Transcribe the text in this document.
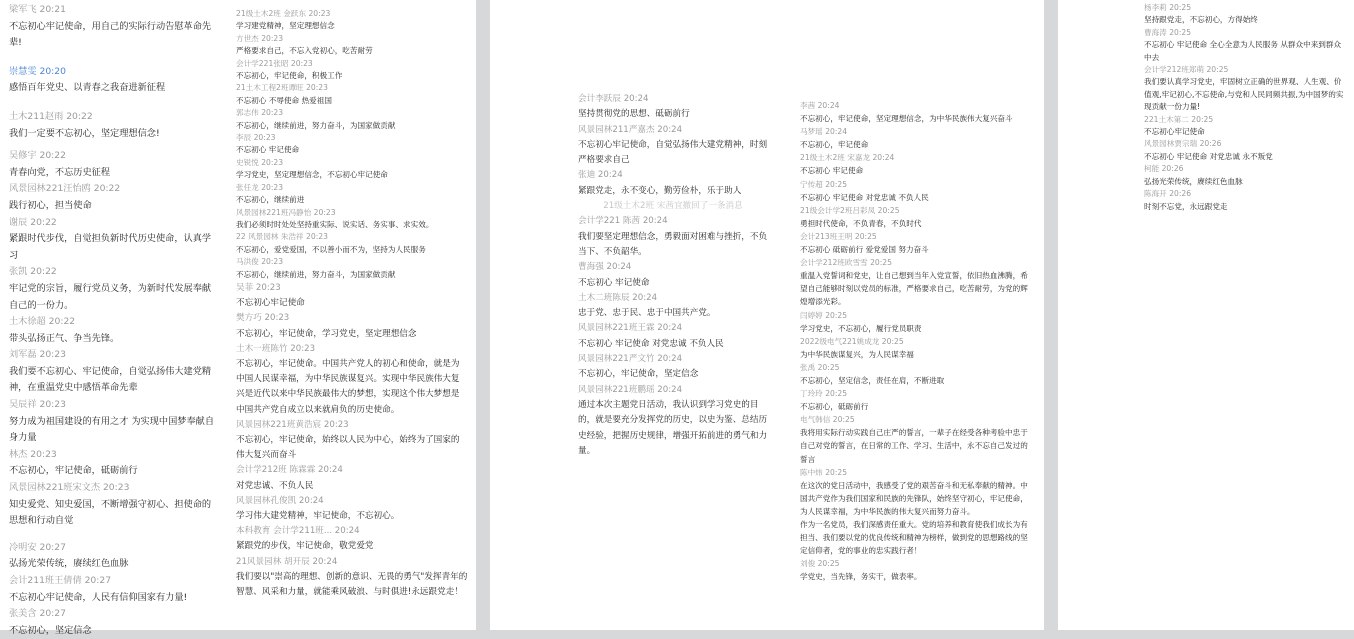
梁军飞 20:21
不忘初心牢记使命，用自己的实际行动告慰革命先辈!
崇慧雯 20:20
感悟百年党史、以青春之我奋进新征程
土木211赵雨 20:22
我们一定要不忘初心，坚定理想信念!
吴修宇 20:22
青春向党，不忘历史征程
风景园林221汪怡鸥 20:22
践行初心，担当使命
谢辰 20:22
紧跟时代步伐，自觉担负新时代历史使命，认真学习
张凯 20:22
牢记党的宗旨，履行党员义务，为新时代发展奉献自己的一份力。
土木徐超 20:22
带头弘扬正气、争当先锋。
刘军磊 20:23
我们要不忘初心、牢记使命，自觉弘扬伟大建党精神，在重温党史中感悟革命先辈
吴辰祥 20:23
努力成为祖国建设的有用之才 为实现中国梦奉献自身力量
林杰 20:23
不忘初心，牢记使命，砥砺前行
风景园林221班宋文杰 20:23
知史爱党、知史爱国，不断增强守初心、担使命的思想和行动自觉
冷明安 20:27
弘扬光荣传统，赓续红色血脉
会计211班王倩倩 20:27
不忘初心牢记使命，人民有信仰国家有力量!
张美含 20:27
不忘初心，坚定信念
21级土木2班 金跃东 20:23
学习建党精神，坚定理想信念
方世杰 20:23
严格要求自己，不忘入党初心，吃苦耐劳
会计学221张昭 20:23
不忘初心，牢记使命，积极工作
21土木工程2班谭旺 20:23
不忘初心 不辱使命 热爱祖国
郭志伟 20:23
不忘初心，继续前进，努力奋斗，为国家做贡献
李辰 20:23
不忘初心 牢记使命
史锐悦 20:23
学习党史，坚定理想信念，不忘初心牢记使命
张任龙 20:23
不忘初心，继续前进
风景园林221班冯静怡 20:23
我们必须时时处处坚持重实际、说实话、务实事、求实效。
22 风景园林 朱浩祥 20:23
不忘初心，爱党爱国，不以善小而不为，坚持为人民服务
马洪俊 20:23
不忘初心，继续前进，努力奋斗，为国家做贡献
吴菲 20:23
不忘初心牢记使命
樊方巧 20:23
不忘初心，牢记使命，学习党史，坚定理想信念
土木一班陈竹 20:23
不忘初心，牢记使命。中国共产党人的初心和使命，就是为中国人民谋幸福，为中华民族谋复兴。实现中华民族伟大复兴是近代以来中华民族最伟大的梦想，实现这个伟大梦想是中国共产党自成立以来就肩负的历史使命。
风景园林221班黄浩宸 20:23
不忘初心，牢记使命，始终以人民为中心，始终为了国家的伟大复兴而奋斗
会计学212班 陈霖霖 20:24
对党忠诚、不负人民
风景园林孔俊凯 20:24
学习伟大建党精神，牢记使命，不忘初心。
本科教育 会计学211班... 20:24
紧跟党的步伐，牢记使命，敬党爱党
21风景园林 胡开辰 20:24
我们要以"崇高的理想、创新的意识、无畏的勇气"发挥青年的智慧、风采和力量，就能乘风破浪、与时俱进!永远跟党走！
会计李跃辰 20:24
坚持贯彻党的思想、砥砺前行
风景园林211严嘉杰 20:24
不忘初心牢记使命，自觉弘扬伟大建党精神，时刻严格要求自己
张迪 20:24
紧跟党走，永不变心，勤劳俭朴，乐于助人
21级土木2班 宋茜宜撤回了一条消息
会计学221 陈茜 20:24
我们要坚定理想信念，勇毅面对困难与挫折，不负当下、不负韶华。
曹海强 20:24
不忘初心 牢记使命
土木二班陈辰 20:24
忠于党、忠于民、忠于中国共产党。
风景园林221班王霖 20:24
不忘初心 牢记使命 对党忠诚 不负人民
风景园林221严文竹 20:24
不忘初心，牢记使命，坚定信念
风景园林221班鹏瑶 20:24
通过本次主题党日活动，我认识到学习党史的目的，就是要充分发挥党的历史，以史为鉴、总结历史经验，把握历史规律，增强开拓前进的勇气和力量。
李茜 20:24
不忘初心，牢记使命，坚定理想信念，为中华民族伟大复兴奋斗
马梦瑶 20:24
不忘初心，牢记使命
21级土木2班 宋嘉龙 20:24
不忘初心 牢记使命
宁传超 20:25
不忘初心 牢记使命 对党忠诚 不负人民
21级会计学2班吕彩凤 20:25
勇担时代使命，不负青春，不负时代
会计213班王明 20:25
不忘初心 砥砺前行 爱党爱国 努力奋斗
会计学212班欧雪雪 20:25
重温入党誓词和党史，让自己想到当年入党宣誓，依旧热血沸腾，希望自己能够时刻以党员的标准，严格要求自己，吃苦耐劳，为党的辉煌增添光彩。
闫婷婷 20:25
学习党史，不忘初心，履行党员职责
2022级电气221姚成龙 20:25
为中华民族谋复兴，为人民谋幸福
张禹 20:25
不忘初心，坚定信念，责任在肩，不断进取
丁玲玲 20:25
不忘初心，砥砺前行
电气韩信 20:25
我将用实际行动实践自己庄严的誓言，一辈子在经受各种考验中忠于自己对党的誓言，在日常的工作、学习、生活中，永不忘自己发过的誓言
陈中炜 20:25
在这次的党日活动中，我感受了党的艰苦奋斗和无私奉献的精神。中国共产党作为我们国家和民族的先锋队，始终坚守初心，牢记使命，为人民谋幸福，为中华民族的伟大复兴而努力奋斗。
作为一名党员，我们深感责任重大。党的培养和教育使我们成长为有担当、我们要以党的优良传统和精神为榜样，做到党的思想路线的坚定信仰者，党的事业的忠实践行者！
刘俊 20:25
学党史，当先锋，务实干，做表率。
杨李莉 20:25
坚持跟党走，不忘初心，方得始终
曹海涛 20:25
不忘初心 牢记使命 全心全意为人民服务 从群众中来到群众中去
会计学212班郑萌 20:25
我们要认真学习党史，牢固树立正确的世界观、人生观、价值观,牢记初心,不忘使命,与党和人民同频共振,为中国梦的实现贡献一份力量!
221土木第二 20:25
不忘初心牢记使命
风景园林贾宗瑞 20:26
不忘初心 牢记使命 对党忠诚 永不叛党
柯能 20:26
弘扬光荣传统，赓续红色血脉
陈海开 20:26
时刻不忘党，永远跟党走
